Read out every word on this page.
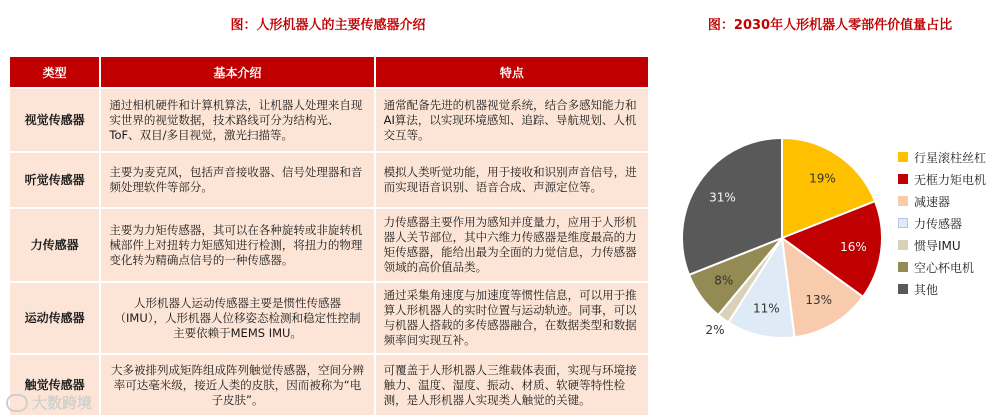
图：人形机器人的主要传感器介绍	图：2030年人形机器人零部件价值量占比
类型	基本介绍	特点
视觉传感器	通过相机硬件和计算机算法，让机器人处理来自现实世界的视觉数据，技术路线可分为结构光、ToF、双目/多目视觉，激光扫描等。	通常配备先进的机器视觉系统，结合多感知能力和AI算法，以实现环境感知、追踪、导航规划、人机交互等。
听觉传感器	主要为麦克风，包括声音接收器、信号处理器和音频处理软件等部分。	模拟人类听觉功能，用于接收和识别声音信号，进而实现语音识别、语音合成、声源定位等。
力传感器	主要为力矩传感器，其可以在各种旋转或非旋转机械部件上对扭转力矩感知进行检测，将扭力的物理变化转为精确点信号的一种传感器。	力传感器主要作用为感知并度量力，应用于人形机器人关节部位，其中六维力传感器是维度最高的力矩传感器，能给出最为全面的力觉信息，力传感器领域的高价值品类。
运动传感器	人形机器人运动传感器主要是惯性传感器（IMU），人形机器人位移姿态检测和稳定性控制主要依赖于MEMS IMU。	通过采集角速度与加速度等惯性信息，可以用于推算人形机器人的实时位置与运动轨迹。同事，可以与机器人搭载的多传感器融合，在数据类型和数据频率间实现互补。
触觉传感器	大多被排列成矩阵组成阵列触觉传感器，空间分辨率可达毫米级，接近人类的皮肤，因而被称为“电子皮肤”。	可覆盖于人形机器人三维载体表面，实现与环境接触力、温度、湿度、振动、材质、软硬等特性检测，是人形机器人实现类人触觉的关键。
19%
16%
13%
11%
2%
8%
31%
行星滚柱丝杠
无框力矩电机
减速器
力传感器
惯导IMU
空心杯电机
其他
大数跨境
